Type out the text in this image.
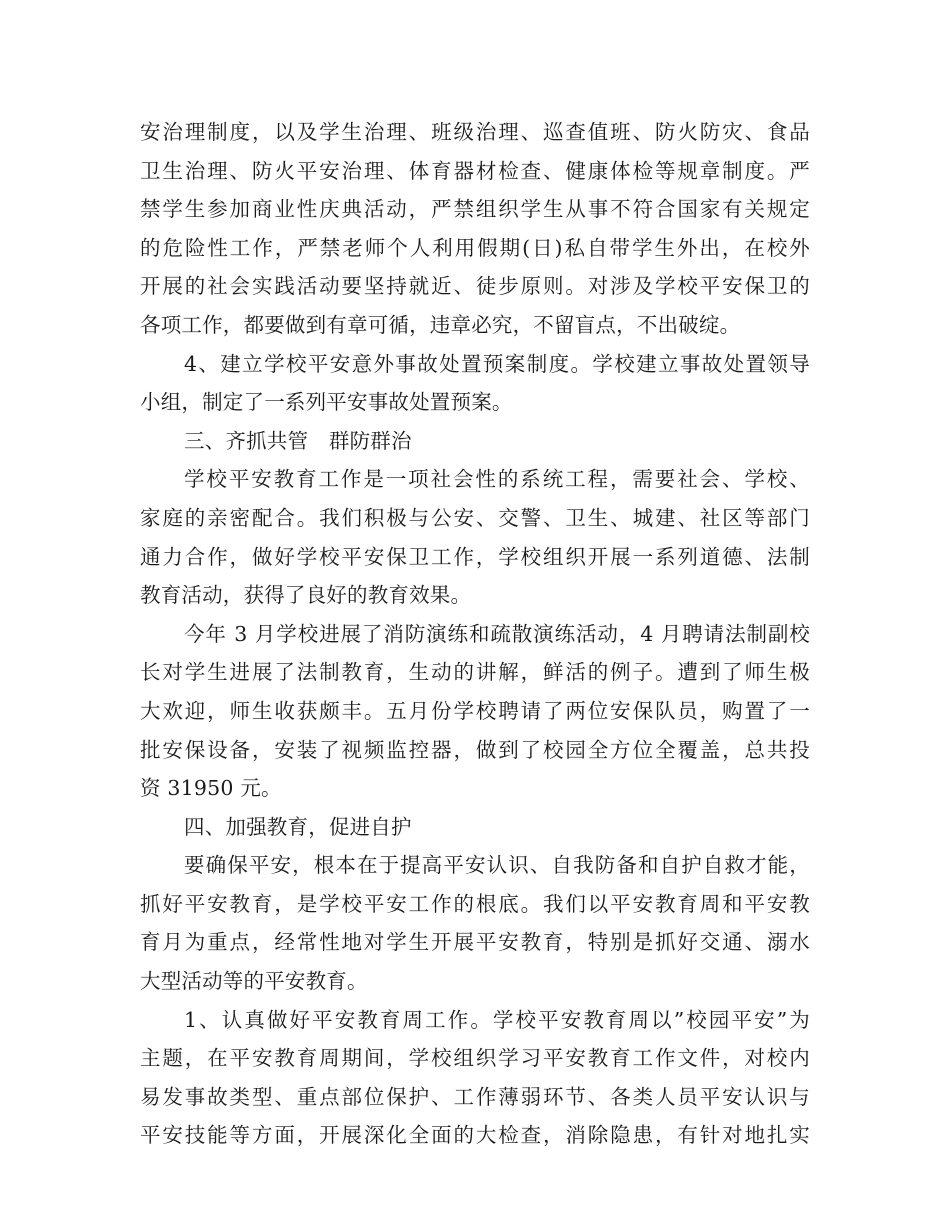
安治理制度，以及学生治理、班级治理、巡查值班、防火防灾、食品
卫生治理、防火平安治理、体育器材检查、健康体检等规章制度。严
禁学生参加商业性庆典活动，严禁组织学生从事不符合国家有关规定
的危险性工作，严禁老师个人利用假期(日)私自带学生外出，在校外
开展的社会实践活动要坚持就近、徒步原则。对涉及学校平安保卫的
各项工作，都要做到有章可循，违章必究，不留盲点，不出破绽。
4、建立学校平安意外事故处置预案制度。学校建立事故处置领导
小组，制定了一系列平安事故处置预案。
三、齐抓共管　群防群治
学校平安教育工作是一项社会性的系统工程，需要社会、学校、
家庭的亲密配合。我们积极与公安、交警、卫生、城建、社区等部门
通力合作，做好学校平安保卫工作，学校组织开展一系列道德、法制
教育活动，获得了良好的教育效果。
今年 3 月学校进展了消防演练和疏散演练活动，4 月聘请法制副校
长对学生进展了法制教育，生动的讲解，鲜活的例子。遭到了师生极
大欢迎，师生收获颇丰。五月份学校聘请了两位安保队员，购置了一
批安保设备，安装了视频监控器，做到了校园全方位全覆盖，总共投
资 31950 元。
四、加强教育，促进自护
要确保平安，根本在于提高平安认识、自我防备和自护自救才能，
抓好平安教育，是学校平安工作的根底。我们以平安教育周和平安教
育月为重点，经常性地对学生开展平安教育，特别是抓好交通、溺水
大型活动等的平安教育。
1、认真做好平安教育周工作。学校平安教育周以”校园平安”为
主题，在平安教育周期间，学校组织学习平安教育工作文件，对校内
易发事故类型、重点部位保护、工作薄弱环节、各类人员平安认识与
平安技能等方面，开展深化全面的大检查，消除隐患，有针对地扎实
